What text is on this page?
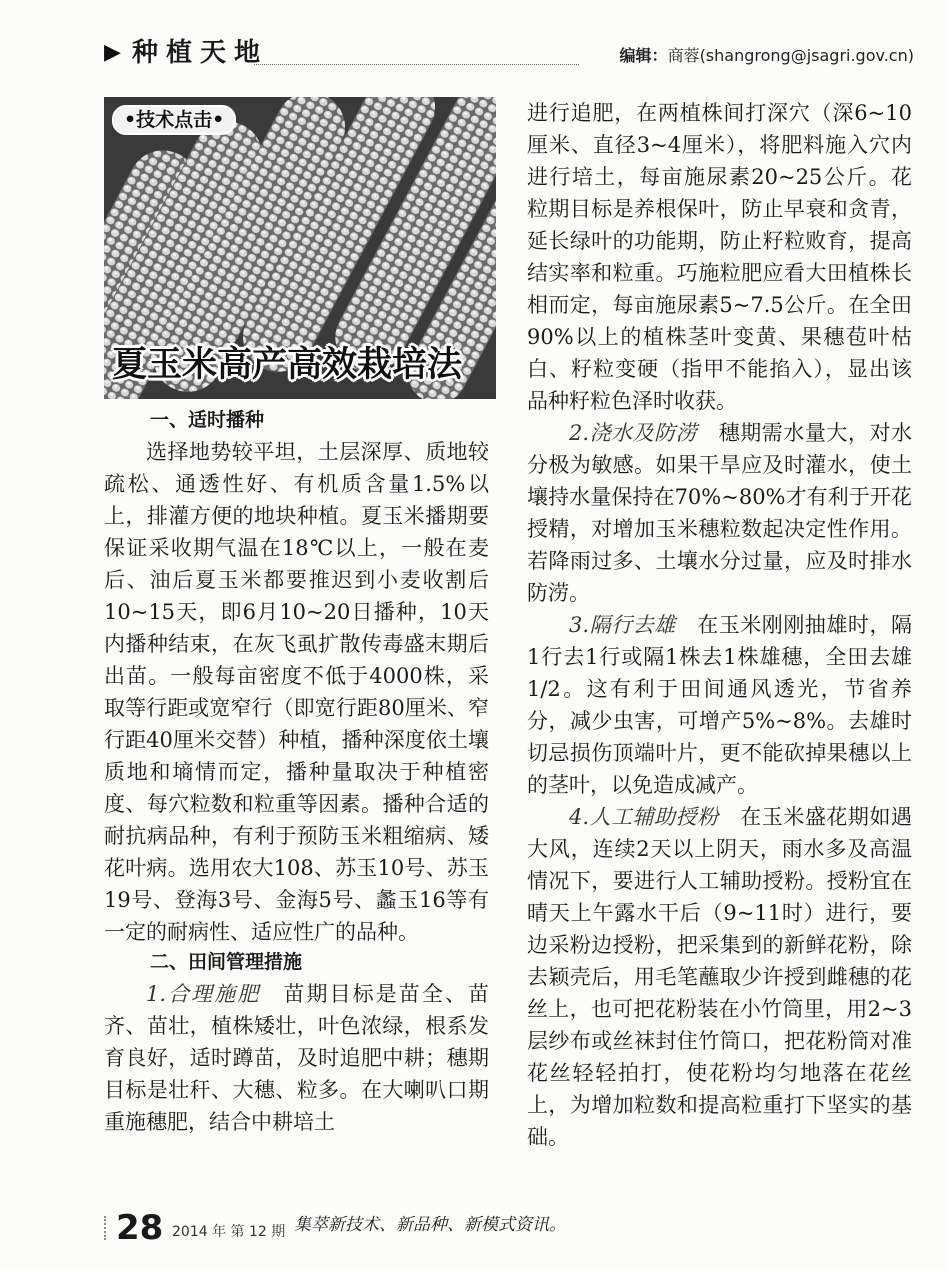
▶ 种植天地	编辑：商蓉(shangrong@jsagri.gov.cn)
•技术点击•
夏玉米高产高效栽培法
一、适时播种

选择地势较平坦，土层深厚、质地较疏松、通透性好、有机质含量1.5%以上，排灌方便的地块种植。夏玉米播期要保证采收期气温在18℃以上，一般在麦后、油后夏玉米都要推迟到小麦收割后10~15天，即6月10~20日播种，10天内播种结束，在灰飞虱扩散传毒盛末期后出苗。一般每亩密度不低于4000株，采取等行距或宽窄行（即宽行距80厘米、窄行距40厘米交替）种植，播种深度依土壤质地和墒情而定，播种量取决于种植密度、每穴粒数和粒重等因素。播种合适的耐抗病品种，有利于预防玉米粗缩病、矮花叶病。选用农大108、苏玉10号、苏玉19号、登海3号、金海5号、蠡玉16等有一定的耐病性、适应性广的品种。

二、田间管理措施

1.合理施肥　 苗期目标是苗全、苗齐、苗壮，植株矮壮，叶色浓绿，根系发育良好，适时蹲苗，及时追肥中耕；穗期目标是壮秆、大穗、粒多。在大喇叭口期重施穗肥，结合中耕培土

进行追肥，在两植株间打深穴（深6~10厘米、直径3~4厘米），将肥料施入穴内进行培土，每亩施尿素20~25公斤。花粒期目标是养根保叶，防止早衰和贪青，延长绿叶的功能期，防止籽粒败育，提高结实率和粒重。巧施粒肥应看大田植株长相而定，每亩施尿素5~7.5公斤。在全田90%以上的植株茎叶变黄、果穗苞叶枯白、籽粒变硬（指甲不能掐入），显出该品种籽粒色泽时收获。

2.浇水及防涝　 穗期需水量大，对水分极为敏感。如果干旱应及时灌水，使土壤持水量保持在70%~80%才有利于开花授精，对增加玉米穗粒数起决定性作用。若降雨过多、土壤水分过量，应及时排水防涝。

3.隔行去雄　 在玉米刚刚抽雄时，隔1行去1行或隔1株去1株雄穗，全田去雄1/2。这有利于田间通风透光，节省养分，减少虫害，可增产5%~8%。去雄时切忌损伤顶端叶片，更不能砍掉果穗以上的茎叶，以免造成减产。

4.人工辅助授粉　 在玉米盛花期如遇大风，连续2天以上阴天，雨水多及高温情况下，要进行人工辅助授粉。授粉宜在晴天上午露水干后（9~11时）进行，要边采粉边授粉，把采集到的新鲜花粉，除去颖壳后，用毛笔蘸取少许授到雌穗的花丝上，也可把花粉装在小竹筒里，用2~3层纱布或丝袜封住竹筒口，把花粉筒对准花丝轻轻拍打，使花粉均匀地落在花丝上，为增加粒数和提高粒重打下坚实的基础。

28 2014 年 第 12 期 集萃新技术、新品种、新模式资讯。
